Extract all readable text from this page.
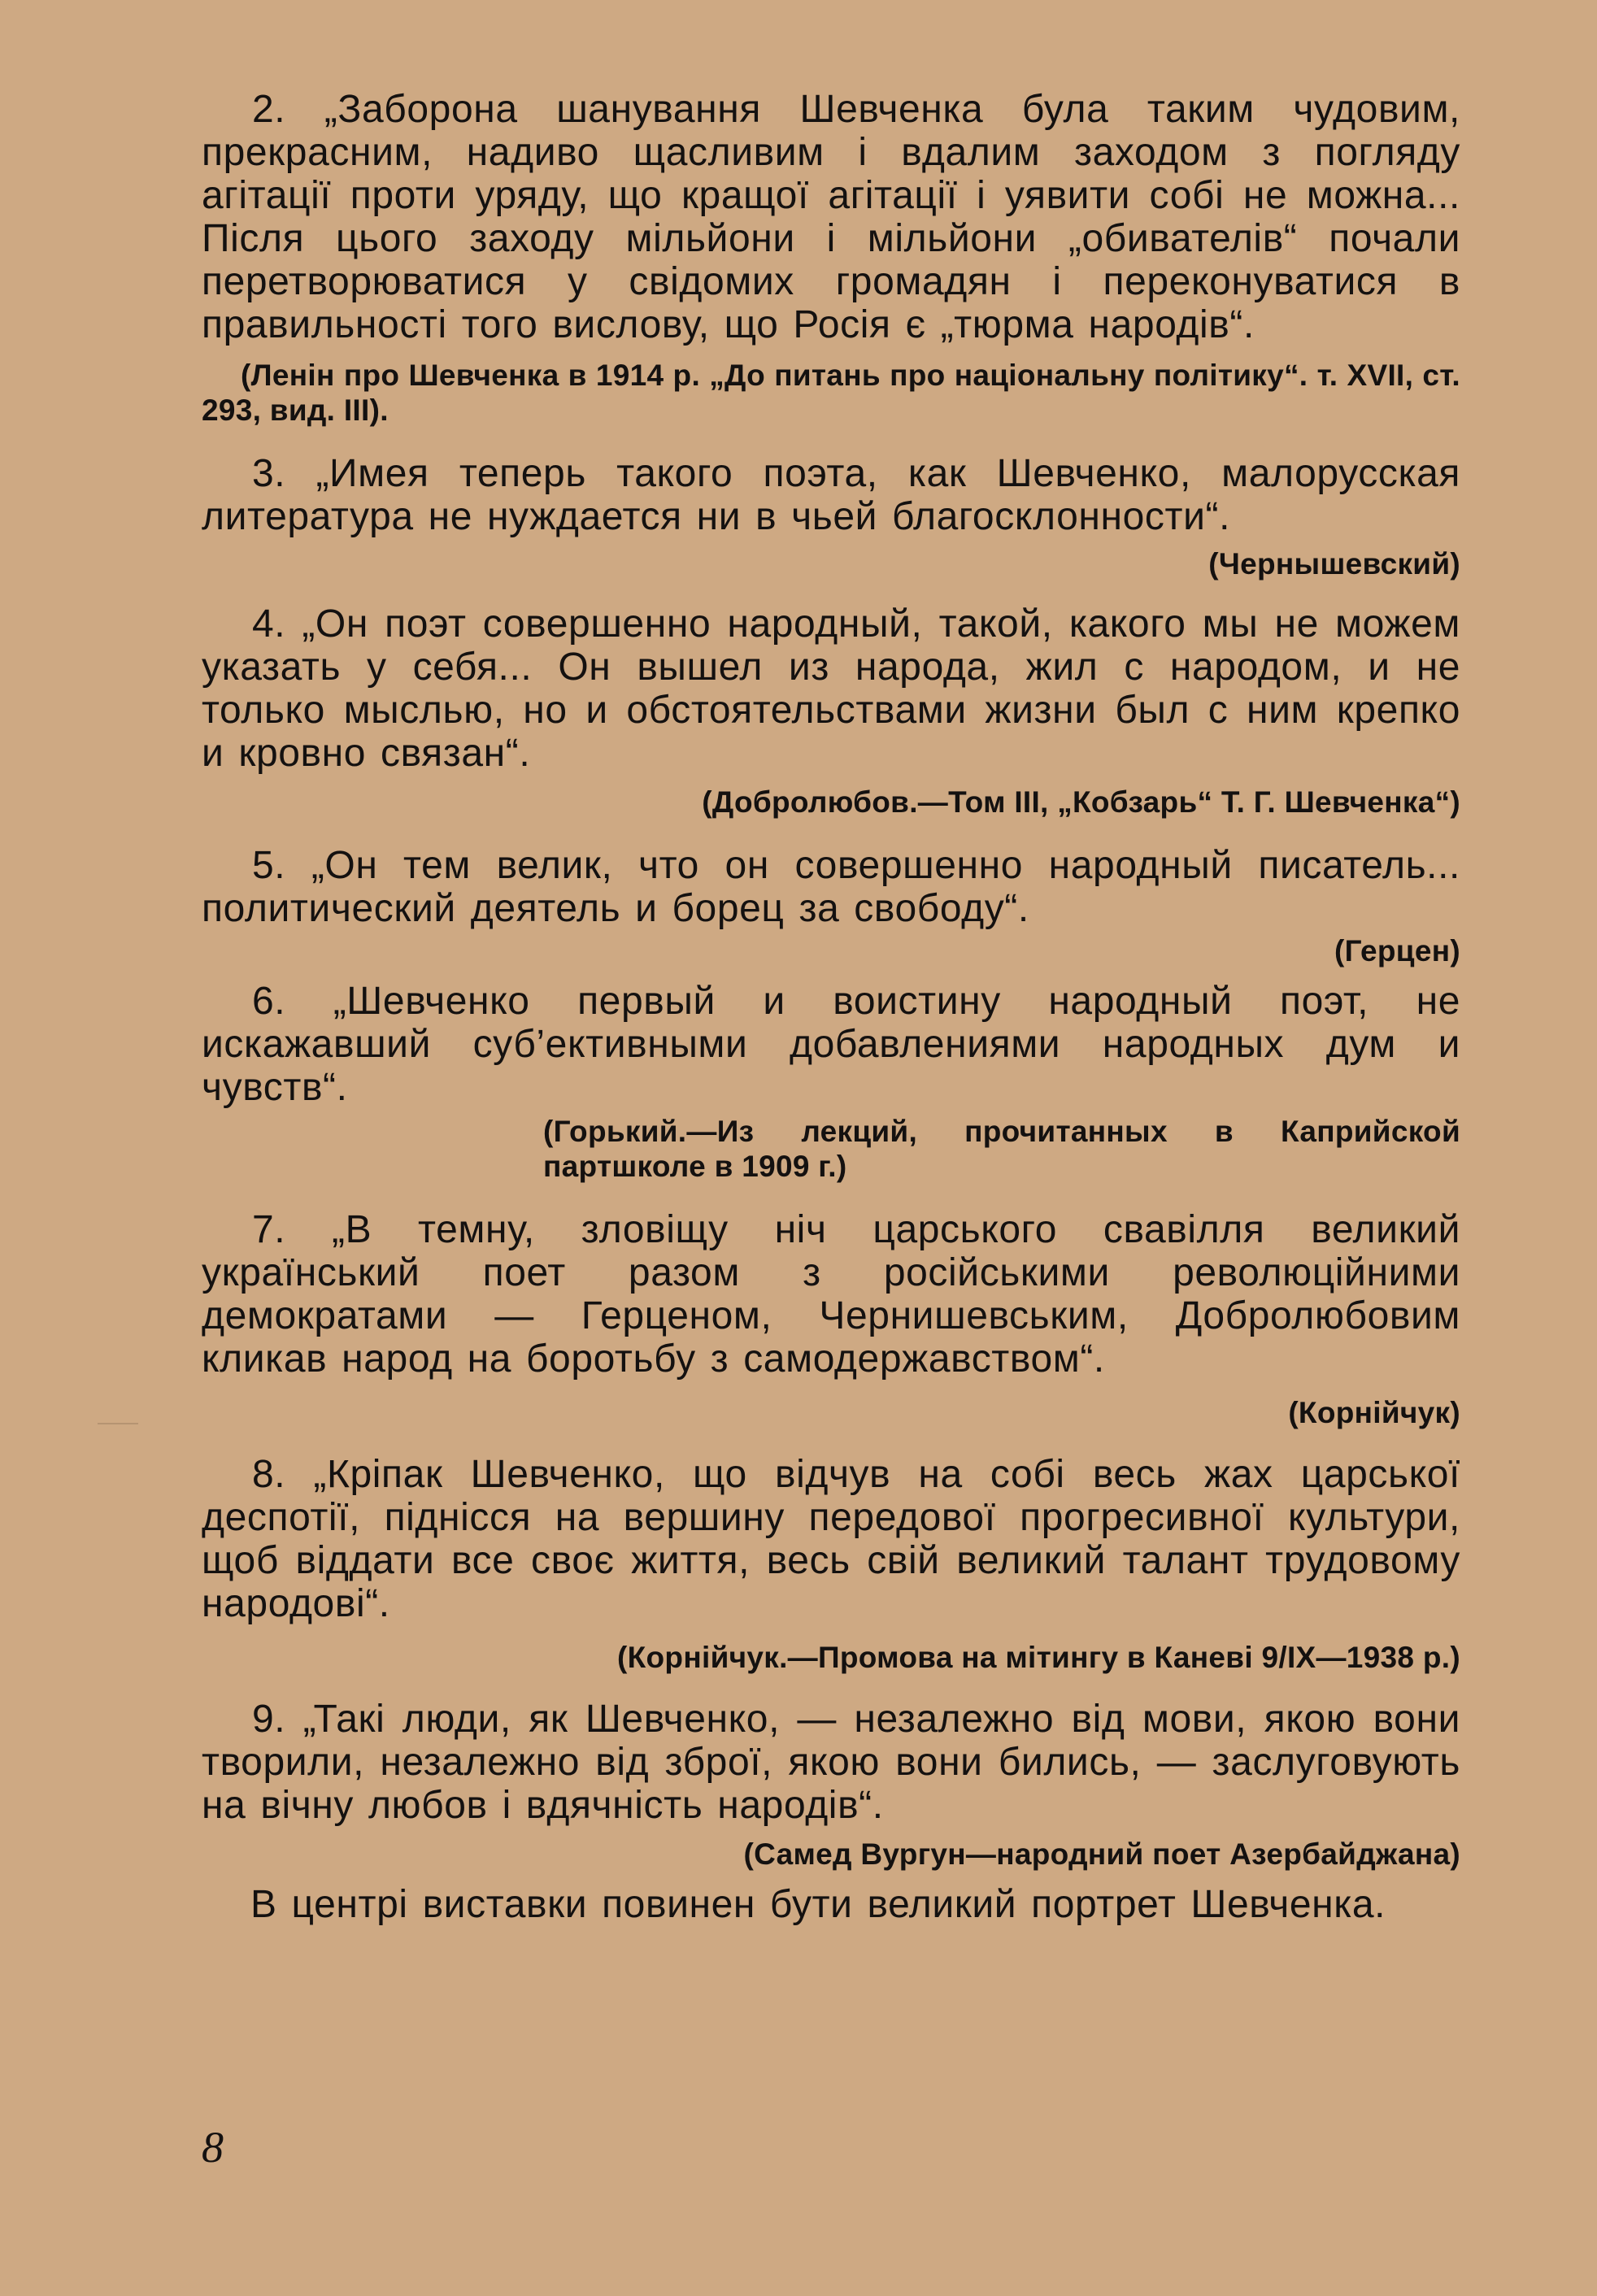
2. „Заборона шанування Шевченка була таким чудовим, прекрасним, надиво щасливим і вдалим заходом з погляду агітації проти уряду, що кращої агітації і уявити собі не можна... Після цього заходу мільйони і мільйони „обивателів“ почали перетворюватися у свідомих громадян і переконуватися в правильності того вислову, що Росія є „тюрма народів“.

(Ленін про Шевченка в 1914 р. „До питань про національну політику“. т. XVII, ст. 293, вид. III).

3. „Имея теперь такого поэта, как Шевченко, малорусская литература не нуждается ни в чьей благосклонности“.

(Чернышевский)

4. „Он поэт совершенно народный, такой, какого мы не можем указать у себя... Он вышел из народа, жил с народом, и не только мыслью, но и обстоятельствами жизни был с ним крепко и кровно связан“.

(Добролюбов.—Том III, „Кобзарь“ Т. Г. Шевченка“)

5. „Он тем велик, что он совершенно народный писатель... политический деятель и борец за свободу“.

(Герцен)

6. „Шевченко первый и воистину народный поэт, не искажавший суб’ективными добавлениями народных дум и чувств“.

(Горький.—Из лекций, прочитанных в Каприйской партшколе в 1909 г.)

7. „В темну, зловіщу ніч царського свавілля великий український поет разом з російськими революційними демократами — Герценом, Чернишевським, Добролюбовим кликав народ на боротьбу з самодержавством“.

(Корнійчук)

8. „Кріпак Шевченко, що відчув на собі весь жах царської деспотії, піднісся на вершину передової прогресивної культури, щоб віддати все своє життя, весь свій великий талант трудовому народові“.

(Корнійчук.—Промова на мітингу в Каневі 9/IX—1938 р.)

9. „Такі люди, як Шевченко, — незалежно від мови, якою вони творили, незалежно від зброї, якою вони бились, — заслуговують на вічну любов і вдячність народів“.

(Самед Вургун—народний поет Азербайджана)

В центрі виставки повинен бути великий портрет Шевченка.

8
